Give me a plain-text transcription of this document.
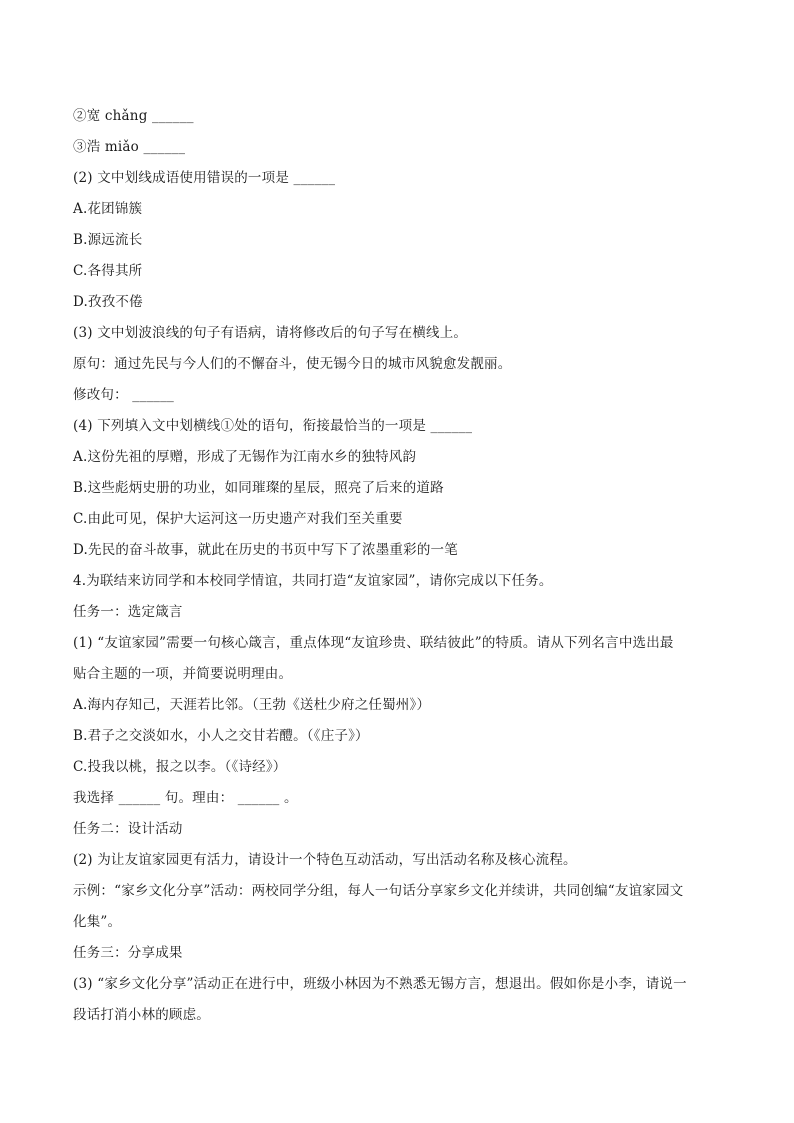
②宽 chǎng ______
③浩 miǎo ______
(2) 文中划线成语使用错误的一项是 ______
A.花团锦簇
B.源远流长
C.各得其所
D.孜孜不倦
(3) 文中划波浪线的句子有语病，请将修改后的句子写在横线上。
原句：通过先民与今人们的不懈奋斗，使无锡今日的城市风貌愈发靓丽。
修改句： ______
(4) 下列填入文中划横线①处的语句，衔接最恰当的一项是 ______
A.这份先祖的厚赠，形成了无锡作为江南水乡的独特风韵
B.这些彪炳史册的功业，如同璀璨的星辰，照亮了后来的道路
C.由此可见，保护大运河这一历史遗产对我们至关重要
D.先民的奋斗故事，就此在历史的书页中写下了浓墨重彩的一笔
4.为联结来访同学和本校同学情谊，共同打造“友谊家园”，请你完成以下任务。
任务一：选定箴言
(1) “友谊家园”需要一句核心箴言，重点体现“友谊珍贵、联结彼此”的特质。请从下列名言中选出最
贴合主题的一项，并简要说明理由。
A.海内存知己，天涯若比邻。（王勃《送杜少府之任蜀州》）
B.君子之交淡如水，小人之交甘若醴。（《庄子》）
C.投我以桃，报之以李。（《诗经》）
我选择 ______ 句。理由： ______ 。
任务二：设计活动
(2) 为让友谊家园更有活力，请设计一个特色互动活动，写出活动名称及核心流程。
示例：“家乡文化分享”活动：两校同学分组，每人一句话分享家乡文化并续讲，共同创编“友谊家园文
化集”。
任务三：分享成果
(3) “家乡文化分享”活动正在进行中，班级小林因为不熟悉无锡方言，想退出。假如你是小李，请说一
段话打消小林的顾虑。
